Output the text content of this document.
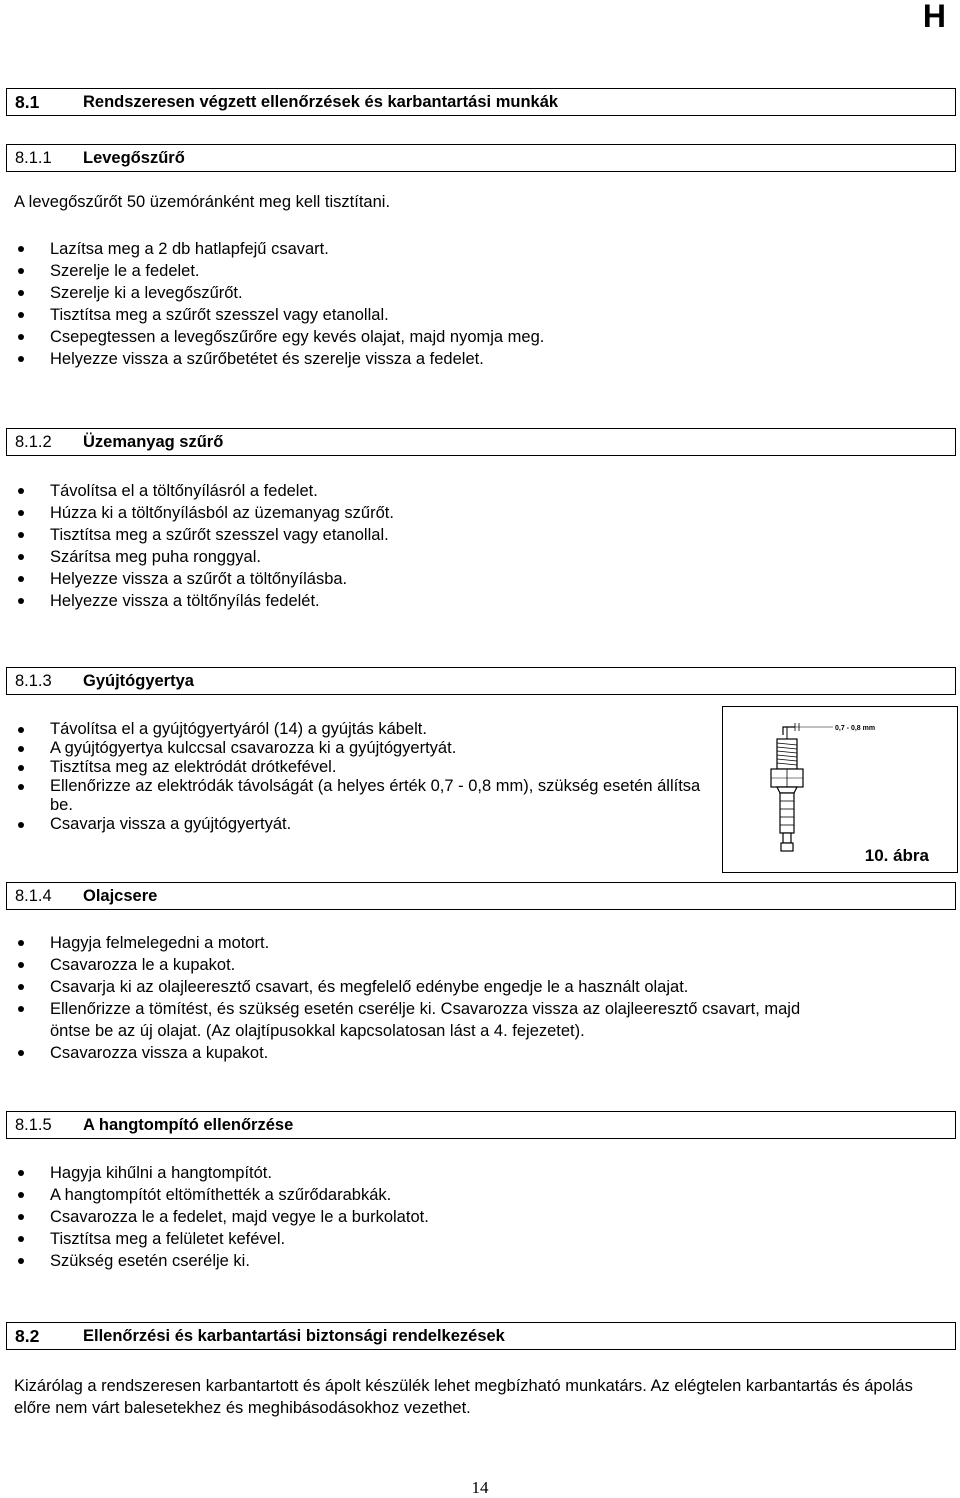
H
8.1	Rendszeresen végzett ellenőrzések és karbantartási munkák
8.1.1	Levegőszűrő
A levegőszűrőt 50 üzemóránként meg kell tisztítani.
Lazítsa meg a 2 db hatlapfejű csavart.
Szerelje le a fedelet.
Szerelje ki a levegőszűrőt.
Tisztítsa meg a szűrőt szesszel vagy etanollal.
Csepegtessen a levegőszűrőre egy kevés olajat, majd nyomja meg.
Helyezze vissza a szűrőbetétet és szerelje vissza a fedelet.
8.1.2	Üzemanyag szűrő
Távolítsa el a töltőnyílásról a fedelet.
Húzza ki a töltőnyílásból az üzemanyag szűrőt.
Tisztítsa meg a szűrőt szesszel vagy etanollal.
Szárítsa meg puha ronggyal.
Helyezze vissza a szűrőt a töltőnyílásba.
Helyezze vissza a töltőnyílás fedelét.
8.1.3	Gyújtógyertya
Távolítsa el a gyújtógyertyáról (14) a gyújtás kábelt.
A gyújtógyertya kulccsal csavarozza ki a gyújtógyertyát.
Tisztítsa meg az elektródát drótkefével.
Ellenőrizze az elektródák távolságát (a helyes érték 0,7 - 0,8 mm), szükség esetén állítsa be.
Csavarja vissza a gyújtógyertyát.
0,7 - 0,8 mm
10. ábra
8.1.4	Olajcsere
Hagyja felmelegedni a motort.
Csavarozza le a kupakot.
Csavarja ki az olajleeresztő csavart, és megfelelő edénybe engedje le a használt olajat.
Ellenőrizze a tömítést, és szükség esetén cserélje ki. Csavarozza vissza az olajleeresztő csavart, majd öntse be az új olajat. (Az olajtípusokkal kapcsolatosan lást a 4. fejezetet).
Csavarozza vissza a kupakot.
8.1.5	A hangtompító ellenőrzése
Hagyja kihűlni a hangtompítót.
A hangtompítót eltömíthették a szűrődarabkák.
Csavarozza le a fedelet, majd vegye le a burkolatot.
Tisztítsa meg a felületet kefével.
Szükség esetén cserélje ki.
8.2	Ellenőrzési és karbantartási biztonsági rendelkezések
Kizárólag a rendszeresen karbantartott és ápolt készülék lehet megbízható munkatárs. Az elégtelen karbantartás és ápolás előre nem várt balesetekhez és meghibásodásokhoz vezethet.
14
